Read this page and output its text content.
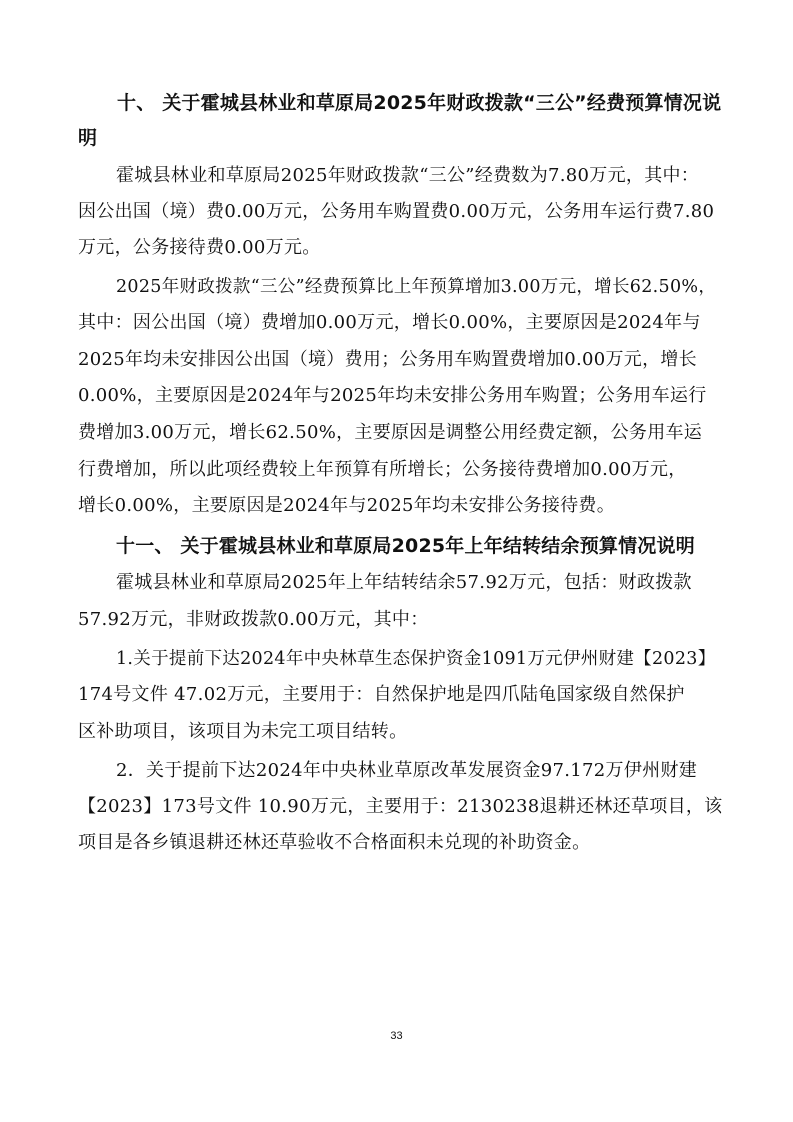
十、 关于霍城县林业和草原局2025年财政拨款“三公”经费预算情况说
明
霍城县林业和草原局2025年财政拨款“三公”经费数为7.80万元，其中：
因公出国（境）费0.00万元，公务用车购置费0.00万元，公务用车运行费7.80
万元，公务接待费0.00万元。
2025年财政拨款“三公”经费预算比上年预算增加3.00万元，增长62.50%，
其中：因公出国（境）费增加0.00万元，增长0.00%，主要原因是2024年与
2025年均未安排因公出国（境）费用；公务用车购置费增加0.00万元，增长
0.00%，主要原因是2024年与2025年均未安排公务用车购置；公务用车运行
费增加3.00万元，增长62.50%，主要原因是调整公用经费定额，公务用车运
行费增加，所以此项经费较上年预算有所增长；公务接待费增加0.00万元，
增长0.00%，主要原因是2024年与2025年均未安排公务接待费。
十一、 关于霍城县林业和草原局2025年上年结转结余预算情况说明
霍城县林业和草原局2025年上年结转结余57.92万元，包括：财政拨款
57.92万元，非财政拨款0.00万元，其中：
1.关于提前下达2024年中央林草生态保护资金1091万元伊州财建【2023】
174号文件 47.02万元，主要用于：自然保护地是四爪陆龟国家级自然保护
区补助项目，该项目为未完工项目结转。
2．关于提前下达2024年中央林业草原改革发展资金97.172万伊州财建
【2023】173号文件 10.90万元，主要用于：2130238退耕还林还草项目，该
项目是各乡镇退耕还林还草验收不合格面积未兑现的补助资金。
33
